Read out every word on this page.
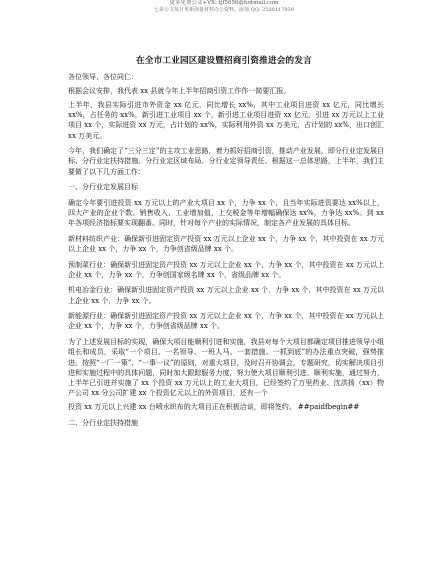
更多免费公文+VX: tjf5656@hotmail.com
七哥公文每日更新海量材料办公资料，添加 QQ: 2500117939
在全市工业园区建设暨招商引资推进会的发言

各位领导、各位同仁：

根据会议安排，我代表 xx 县就今年上半年招商引资工作作一简要汇报。

上半年，我县实际引进市外资金 xx 亿元，同比增长 xx%，其中工业项目进资 xx 亿元，同比增长 xx%，占任务的 xx%，新引进工业项目 xx 个，新引进工业项目进资 xx 亿元，引进 xx 万元以上工业项目 xx 个，实际进资 xx 万元，占计划的 xx%，实际利用外资 xx 万美元，占计划的 xx%，出口创汇 xx 万美元。

今年，我们确定了“三分三定”的主攻工业思路，着力抓好招商引资，推动产业发展，即分行业定发展目标、分行业定扶持措施、分行业定区域布局、分行业定领导责任、根据这一总体思路，上半年，我们主要做了以下几方面工作：

一、分行业定发展目标

确定今年要引进投资 xx 万元以上的产业大项目 xx 个，力争 xx 个，且当年实际进资要达 xx%以上，四大产业的企业个数、销售收入、工业增加值，上交税金等年增幅确保达 xx%，力争达 xx%。到 xx 年各项经济指标要实现翻番。同时，针对每个产业的实际情况，制定各产业发展的具体目标。

新材料纺织产业：确保新引进固定资产投资 xx 万元以上企业 xx 个，力争 xx 个，其中投资在 xx 万元以上企业 xx 个，力争 xx 个，力争创省级品牌 xx 个。

预制菜行业：确保新引进固定资产投资 xx 万元以上企业 xx 个，力争 xx 个，其中投资在 xx 万元以上企业 xx 个，力争 xx 个，力争创国家级名牌 xx 个，省级品牌 xx 个。

机电冶金行业：确保新引进固定资产投资 xx 万元以上企业 xx 个，力争 xx 个，其中投资在 xx 万元以上企业 xx 个，力争 xx 个。

新能源行业：确保新引进固定资产投资 xx 万元以上企业 xx 个，力争 xx 个，其中投资在 xx 万元以上企业 xx 个，力争 xx 个，力争创省级品牌 xx 个。

为了上述发展目标的实现，确保大项目能顺利引进和实施，我县对每个大项目都确定项目推进领导小组组长和成员，采取“一个项目、一名领导、一班人马、一套措施、一抓到底”的办法重点突破，强势推进。按照“一厂一策”、“一事一议”的原则，对重大项目，及时召开协调会，专题研究，切实解决项目引进和实施过程中的具体问题，同时加大跟踪服务力度，努力使大项目顺利引进、顺利实施，通过努力，上半年已引进并实施了 xx 个投资 xx 万元以上的工业大项目，已经签约了万里药业、沈洪扬（xx）物产公司 xx 分公司扩建 xx 个投资亿元以上的外资项目，还有一个

投资 xx 万元以上兴建 xx 台喷水织布的大项目正在积极洽谈，即将签约。 ##paidfbegin##

二、分行业定扶持措施
